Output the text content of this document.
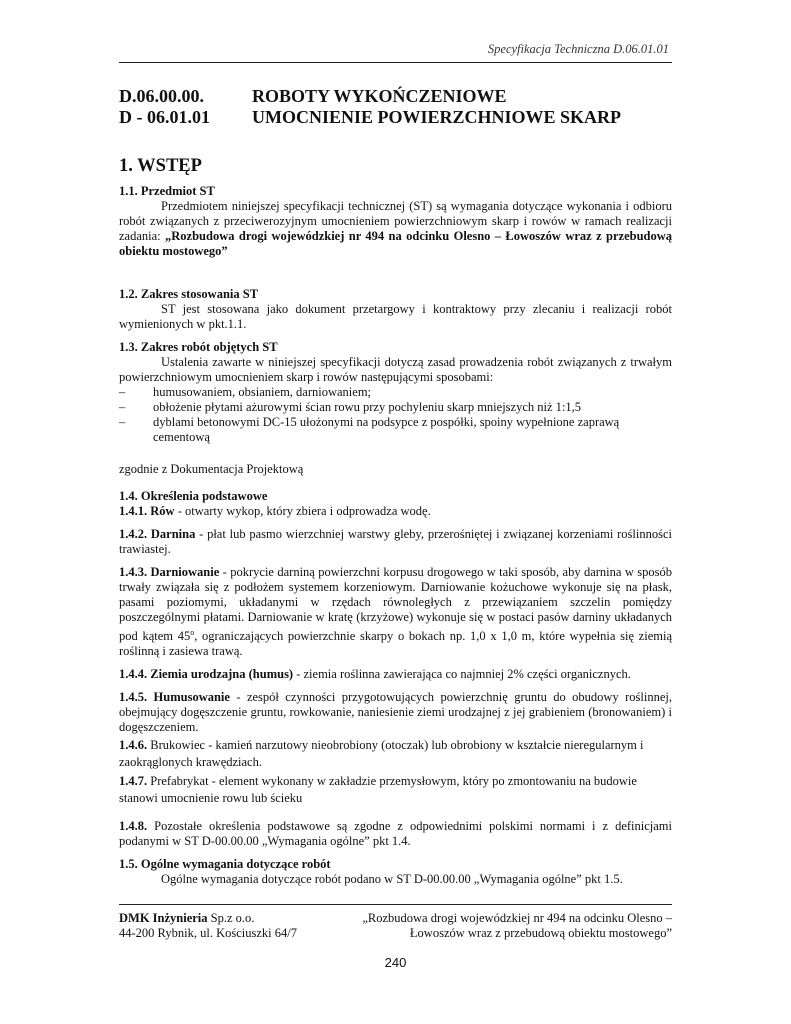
Specyfikacja Techniczna D.06.01.01
D.06.00.00.	ROBOTY WYKOŃCZENIOWE
D - 06.01.01 UMOCNIENIE POWIERZCHNIOWE SKARP
1. WSTĘP

1.1. Przedmiot ST

Przedmiotem niniejszej specyfikacji technicznej (ST) są wymagania dotyczące wykonania i odbioru robót związanych z przeciwerozyjnym umocnieniem powierzchniowym skarp i rowów w ramach realizacji zadania: „Rozbudowa drogi wojewódzkiej nr 494 na odcinku Olesno – Łowoszów wraz z przebudową obiektu mostowego”

1.2. Zakres stosowania ST

ST jest stosowana jako dokument przetargowy i kontraktowy przy zlecaniu i realizacji robót wymienionych w pkt.1.1.

1.3. Zakres robót objętych ST

Ustalenia zawarte w niniejszej specyfikacji dotyczą zasad prowadzenia robót związanych z trwałym powierzchniowym umocnieniem skarp i rowów następującymi sposobami:

– humusowaniem, obsianiem, darniowaniem;
– obłożenie płytami ażurowymi ścian rowu przy pochyleniu skarp mniejszych niż 1:1,5
– dyblami betonowymi DC-15 ułożonymi na podsypce z pospółki, spoiny wypełnione zaprawą cementową

zgodnie z Dokumentacja Projektową

1.4. Określenia podstawowe

1.4.1. Rów - otwarty wykop, który zbiera i odprowadza wodę.

1.4.2. Darnina - płat lub pasmo wierzchniej warstwy gleby, przerośniętej i związanej korzeniami roślinności trawiastej.

1.4.3. Darniowanie - pokrycie darniną powierzchni korpusu drogowego w taki sposób, aby darnina w sposób trwały związała się z podłożem systemem korzeniowym. Darniowanie kożuchowe wykonuje się na płask, pasami poziomymi, układanymi w rzędach równoległych z przewiązaniem szczelin pomiędzy poszczególnymi płatami. Darniowanie w kratę (krzyżowe) wykonuje się w postaci pasów darniny układanych pod kątem 45$^o$, ograniczających powierzchnie skarpy o bokach np. 1,0 x 1,0 m, które wypełnia się ziemią roślinną i zasiewa trawą.

1.4.4. Ziemia urodzajna (humus) - ziemia roślinna zawierająca co najmniej 2% części organicznych.

1.4.5. Humusowanie - zespół czynności przygotowujących powierzchnię gruntu do obudowy roślinnej, obejmujący dogęszczenie gruntu, rowkowanie, naniesienie ziemi urodzajnej z jej grabieniem (bronowaniem) i dogęszczeniem.

1.4.6. Brukowiec - kamień narzutowy nieobrobiony (otoczak) lub obrobiony w kształcie nieregularnym i zaokrąglonych krawędziach.

1.4.7. Prefabrykat - element wykonany w zakładzie przemysłowym, który po zmontowaniu na budowie stanowi umocnienie rowu lub ścieku

1.4.8. Pozostałe określenia podstawowe są zgodne z odpowiednimi polskimi normami i z definicjami podanymi w ST D-00.00.00 „Wymagania ogólne” pkt 1.4.

1.5. Ogólne wymagania dotyczące robót

Ogólne wymagania dotyczące robót podano w ST D-00.00.00 „Wymagania ogólne” pkt 1.5.

DMK Inżynieria Sp.z o.o.
44-200 Rybnik, ul. Kościuszki 64/7
„Rozbudowa drogi wojewódzkiej nr 494 na odcinku Olesno –
Łowoszów wraz z przebudową obiektu mostowego”
240
